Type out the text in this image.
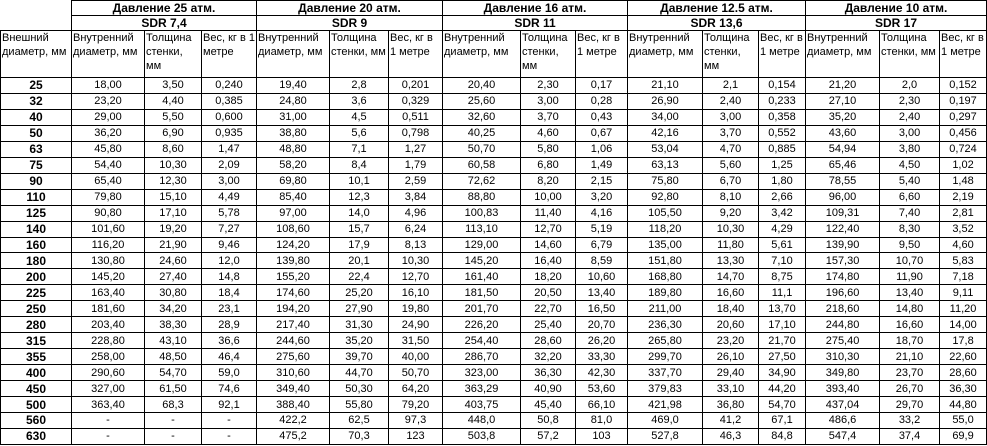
	Давление 25 атм.			Давление 20 атм.			Давление 16 атм.			Давление 12.5 атм.			Давление 10 атм.		
	SDR 7,4			SDR 9			SDR 11			SDR 13,6			SDR 17		
Внешний диаметр, мм	Внутренний диаметр, мм	Толщина стенки, мм	Вес, кг в 1 метре	Внутренний диаметр, мм	Толщина стенки, мм	Вес, кг в 1 метре	Внутренний диаметр, мм	Толщина стенки, мм	Вес, кг в 1 метре	Внутренний диаметр, мм	Толщина стенки, мм	Вес, кг в 1 метре	Внутренний диаметр, мм	Толщина стенки, мм	Вес, кг в 1 метре
25	18,00	3,50	0,240	19,40	2,8	0,201	20,40	2,30	0,17	21,10	2,1	0,154	21,20	2,0	0,152
32	23,20	4,40	0,385	24,80	3,6	0,329	25,60	3,00	0,28	26,90	2,40	0,233	27,10	2,30	0,197
40	29,00	5,50	0,600	31,00	4,5	0,511	32,60	3,70	0,43	34,00	3,00	0,358	35,20	2,40	0,297
50	36,20	6,90	0,935	38,80	5,6	0,798	40,25	4,60	0,67	42,16	3,70	0,552	43,60	3,00	0,456
63	45,80	8,60	1,47	48,80	7,1	1,27	50,70	5,80	1,06	53,04	4,70	0,885	54,94	3,80	0,724
75	54,40	10,30	2,09	58,20	8,4	1,79	60,58	6,80	1,49	63,13	5,60	1,25	65,46	4,50	1,02
90	65,40	12,30	3,00	69,80	10,1	2,59	72,62	8,20	2,15	75,80	6,70	1,80	78,55	5,40	1,48
110	79,80	15,10	4,49	85,40	12,3	3,84	88,80	10,00	3,20	92,80	8,10	2,66	96,00	6,60	2,19
125	90,80	17,10	5,78	97,00	14,0	4,96	100,83	11,40	4,16	105,50	9,20	3,42	109,31	7,40	2,81
140	101,60	19,20	7,27	108,60	15,7	6,24	113,10	12,70	5,19	118,20	10,30	4,29	122,40	8,30	3,52
160	116,20	21,90	9,46	124,20	17,9	8,13	129,00	14,60	6,79	135,00	11,80	5,61	139,90	9,50	4,60
180	130,80	24,60	12,0	139,80	20,1	10,30	145,20	16,40	8,59	151,80	13,30	7,10	157,30	10,70	5,83
200	145,20	27,40	14,8	155,20	22,4	12,70	161,40	18,20	10,60	168,80	14,70	8,75	174,80	11,90	7,18
225	163,40	30,80	18,4	174,60	25,20	16,10	181,50	20,50	13,40	189,80	16,60	11,1	196,60	13,40	9,11
250	181,60	34,20	23,1	194,20	27,90	19,80	201,70	22,70	16,50	211,00	18,40	13,70	218,60	14,80	11,20
280	203,40	38,30	28,9	217,40	31,30	24,90	226,20	25,40	20,70	236,30	20,60	17,10	244,80	16,60	14,00
315	228,80	43,10	36,6	244,60	35,20	31,50	254,40	28,60	26,20	265,80	23,20	21,70	275,40	18,70	17,8
355	258,00	48,50	46,4	275,60	39,70	40,00	286,70	32,20	33,30	299,70	26,10	27,50	310,30	21,10	22,60
400	290,60	54,70	59,0	310,60	44,70	50,70	323,00	36,30	42,30	337,70	29,40	34,90	349,80	23,70	28,60
450	327,00	61,50	74,6	349,40	50,30	64,20	363,29	40,90	53,60	379,83	33,10	44,20	393,40	26,70	36,30
500	363,40	68,3	92,1	388,40	55,80	79,20	403,75	45,40	66,10	421,98	36,80	54,70	437,04	29,70	44,80
560	-	-	-	422,2	62,5	97,3	448,0	50,8	81,0	469,0	41,2	67,1	486,6	33,2	55,0
630	-	-	-	475,2	70,3	123	503,8	57,2	103	527,8	46,3	84,8	547,4	37,4	69,9
